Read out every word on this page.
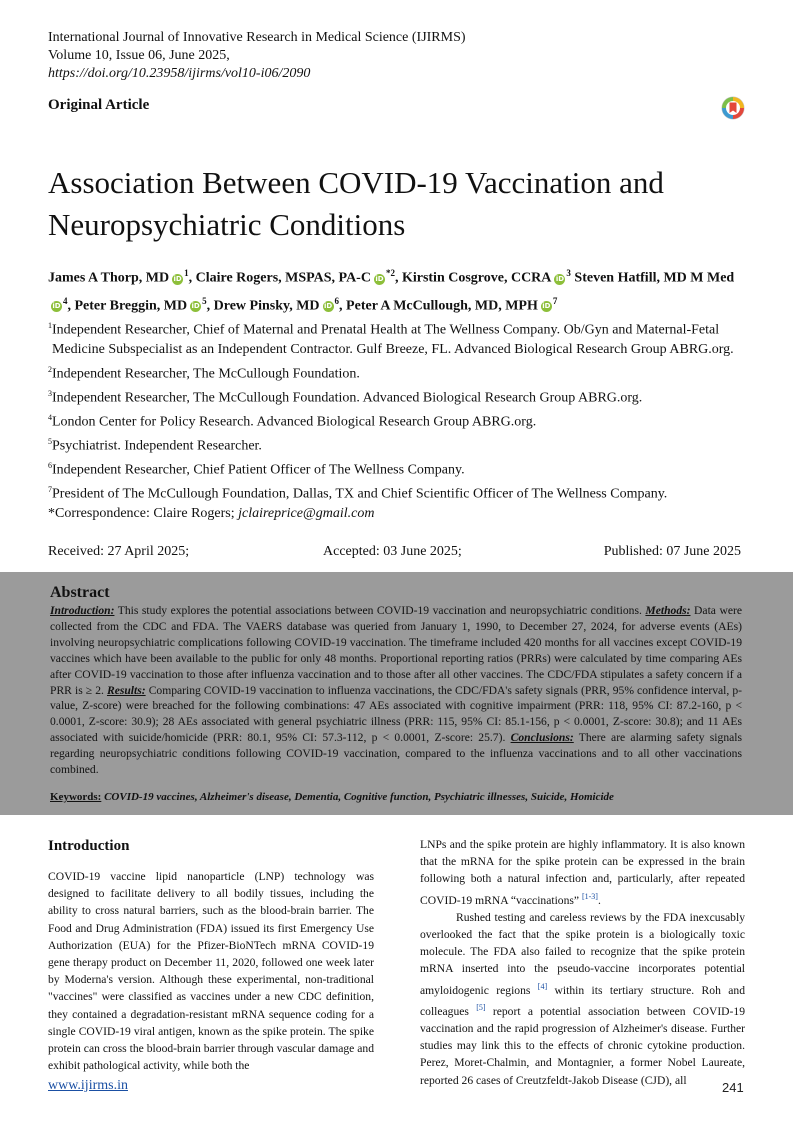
International Journal of Innovative Research in Medical Science (IJIRMS)
Volume 10, Issue 06, June 2025,
https://doi.org/10.23958/ijirms/vol10-i06/2090
Original Article
Association Between COVID-19 Vaccination and
Neuropsychiatric Conditions
James A Thorp, MD $iD^1$, Claire Rogers, MSPAS, PA-C $iD^{*2}$, Kirstin Cosgrove, CCRA $iD^3$ Steven Hatfill, MD M MediD$^4$, Peter Breggin, MD $iD^5$, Drew Pinsky, MD $iD^6$, Peter A McCullough, MD, MPH $iD^7$
$^1$Independent Researcher, Chief of Maternal and Prenatal Health at The Wellness Company. Ob/Gyn and Maternal-Fetal Medicine Subspecialist as an Independent Contractor. Gulf Breeze, FL. Advanced Biological Research Group ABRG.org.
$^2$Independent Researcher, The McCullough Foundation.
$^3$Independent Researcher, The McCullough Foundation. Advanced Biological Research Group ABRG.org.
$^4$London Center for Policy Research. Advanced Biological Research Group ABRG.org.
$^5$Psychiatrist. Independent Researcher.
$^6$Independent Researcher, Chief Patient Officer of The Wellness Company.
$^7$President of The McCullough Foundation, Dallas, TX and Chief Scientific Officer of The Wellness Company.
*Correspondence: Claire Rogers; jclaireprice@gmail.com
Received: 27 April 2025;	Accepted: 03 June 2025;	Published: 07 June 2025
Abstract
Introduction: This study explores the potential associations between COVID-19 vaccination and neuropsychiatric conditions. Methods: Data were collected from the CDC and FDA. The VAERS database was queried from January 1, 1990, to December 27, 2024, for adverse events (AEs) involving neuropsychiatric complications following COVID-19 vaccination. The timeframe included 420 months for all vaccines except COVID-19 vaccines which have been available to the public for only 48 months. Proportional reporting ratios (PRRs) were calculated by time comparing AEs after COVID-19 vaccination to those after influenza vaccination and to those after all other vaccines. The CDC/FDA stipulates a safety concern if a PRR is ≥ 2. Results: Comparing COVID-19 vaccination to influenza vaccinations, the CDC/FDA's safety signals (PRR, 95% confidence interval, p-value, Z-score) were breached for the following combinations: 47 AEs associated with cognitive impairment (PRR: 118, 95% CI: 87.2-160, p < 0.0001, Z-score: 30.9); 28 AEs associated with general psychiatric illness (PRR: 115, 95% CI: 85.1-156, p < 0.0001, Z-score: 30.8); and 11 AEs associated with suicide/homicide (PRR: 80.1, 95% CI: 57.3-112, p < 0.0001, Z-score: 25.7). Conclusions: There are alarming safety signals regarding neuropsychiatric conditions following COVID-19 vaccination, compared to the influenza vaccinations and to all other vaccinations combined.
Keywords: COVID-19 vaccines, Alzheimer's disease, Dementia, Cognitive function, Psychiatric illnesses, Suicide, Homicide
Introduction

COVID-19 vaccine lipid nanoparticle (LNP) technology was designed to facilitate delivery to all bodily tissues, including the ability to cross natural barriers, such as the blood-brain barrier. The Food and Drug Administration (FDA) issued its first Emergency Use Authorization (EUA) for the Pfizer-BioNTech mRNA COVID-19 gene therapy product on December 11, 2020, followed one week later by Moderna's version. Although these experimental, non-traditional "vaccines" were classified as vaccines under a new CDC definition, they contained a degradation-resistant mRNA sequence coding for a single COVID-19 viral antigen, known as the spike protein. The spike protein can cross the blood-brain barrier through vascular damage and exhibit pathological activity, while both the

LNPs and the spike protein are highly inflammatory. It is also known that the mRNA for the spike protein can be expressed in the brain following both a natural infection and, particularly, after repeated COVID-19 mRNA “vaccinations” [1-3].

Rushed testing and careless reviews by the FDA inexcusably overlooked the fact that the spike protein is a biologically toxic molecule. The FDA also failed to recognize that the spike protein mRNA inserted into the pseudo-vaccine incorporates potential amyloidogenic regions [4] within its tertiary structure. Roh and colleagues [5] report a potential association between COVID-19 vaccination and the rapid progression of Alzheimer's disease. Further studies may link this to the effects of chronic cytokine production. Perez, Moret-Chalmin, and Montagnier, a former Nobel Laureate, reported 26 cases of Creutzfeldt-Jakob Disease (CJD), all

www.ijirms.in	241
